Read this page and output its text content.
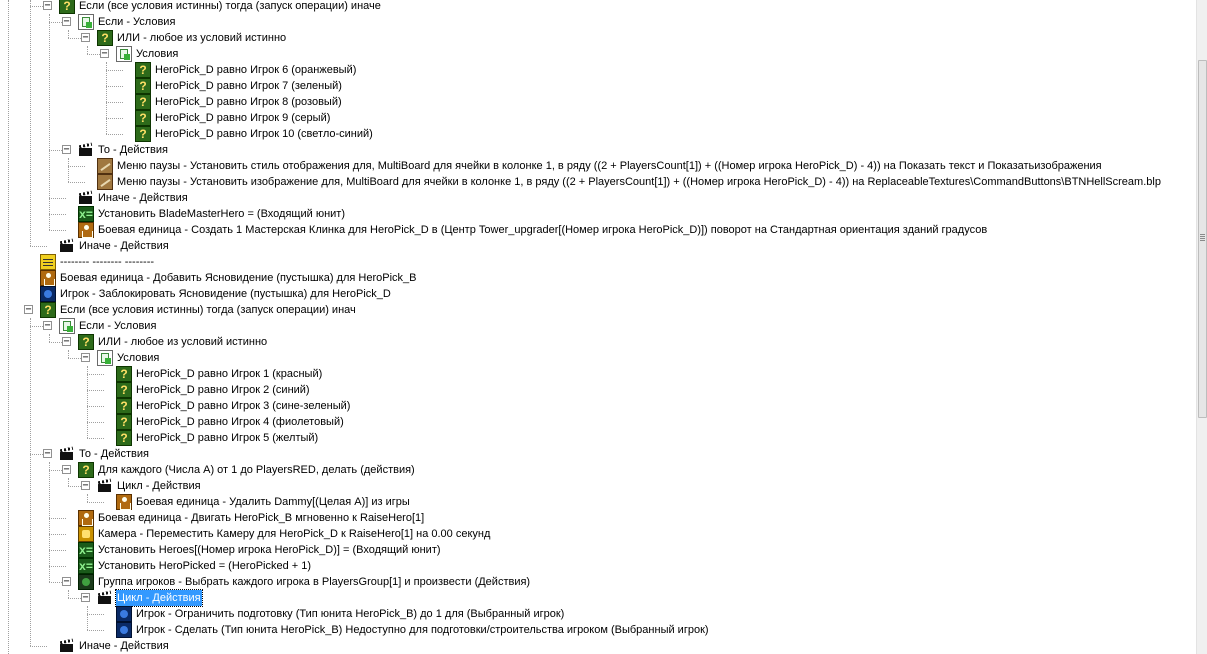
−	? Если (все условия истинны) тогда (запуск операции) иначе
−	Если - Условия
−	? ИЛИ - любое из условий истинно
−	Условия
? HeroPick_D равно Игрок 6 (оранжевый)
? HeroPick_D равно Игрок 7 (зеленый)
? HeroPick_D равно Игрок 8 (розовый)
? HeroPick_D равно Игрок 9 (серый)
? HeroPick_D равно Игрок 10 (светло-синий)
−	То - Действия
Меню паузы - Установить стиль отображения для, MultiBoard для ячейки в колонке 1, в ряду ((2 + PlayersCount[1]) + ((Номер игрока HeroPick_D) - 4)) на Показать текст и Показатьизображения
Меню паузы - Установить изображение для, MultiBoard для ячейки в колонке 1, в ряду ((2 + PlayersCount[1]) + ((Номер игрока HeroPick_D) - 4)) на ReplaceableTextures\CommandButtons\BTNHellScream.blp
Иначе - Действия
x= Установить BladeMasterHero = (Входящий юнит)
Боевая единица - Создать 1 Мастерская Клинка для HeroPick_D в (Центр Tower_upgrader[(Номер игрока HeroPick_D)]) поворот на Стандартная ориентация зданий градусов
Иначе - Действия
-------- -------- --------
Боевая единица - Добавить Ясновидение (пустышка) для HeroPick_B
Игрок - Заблокировать Ясновидение (пустышка) для HeroPick_D
−	? Если (все условия истинны) тогда (запуск операции) инач
−	Если - Условия
−	? ИЛИ - любое из условий истинно
−	Условия
? HeroPick_D равно Игрок 1 (красный)
? HeroPick_D равно Игрок 2 (синий)
? HeroPick_D равно Игрок 3 (сине-зеленый)
? HeroPick_D равно Игрок 4 (фиолетовый)
? HeroPick_D равно Игрок 5 (желтый)
−	То - Действия
−	? Для каждого (Числа A) от 1 до PlayersRED, делать (действия)
−	Цикл - Действия
Боевая единица - Удалить Dammy[(Целая A)] из игры
Боевая единица - Двигать HeroPick_B мгновенно к RaiseHero[1]
Камера - Переместить Камеру для HeroPick_D к RaiseHero[1] на 0.00 секунд
x= Установить Heroes[(Номер игрока HeroPick_D)] = (Входящий юнит)
x= Установить HeroPicked = (HeroPicked + 1)
−	Группа игроков - Выбрать каждого игрока в PlayersGroup[1] и произвести (Действия)
−	Цикл - Действия
Игрок - Ограничить подготовку (Тип юнита HeroPick_B) до 1 для (Выбранный игрок)
Игрок - Сделать (Тип юнита HeroPick_B) Недоступно для подготовки/строительства игроком (Выбранный игрок)
Иначе - Действия
